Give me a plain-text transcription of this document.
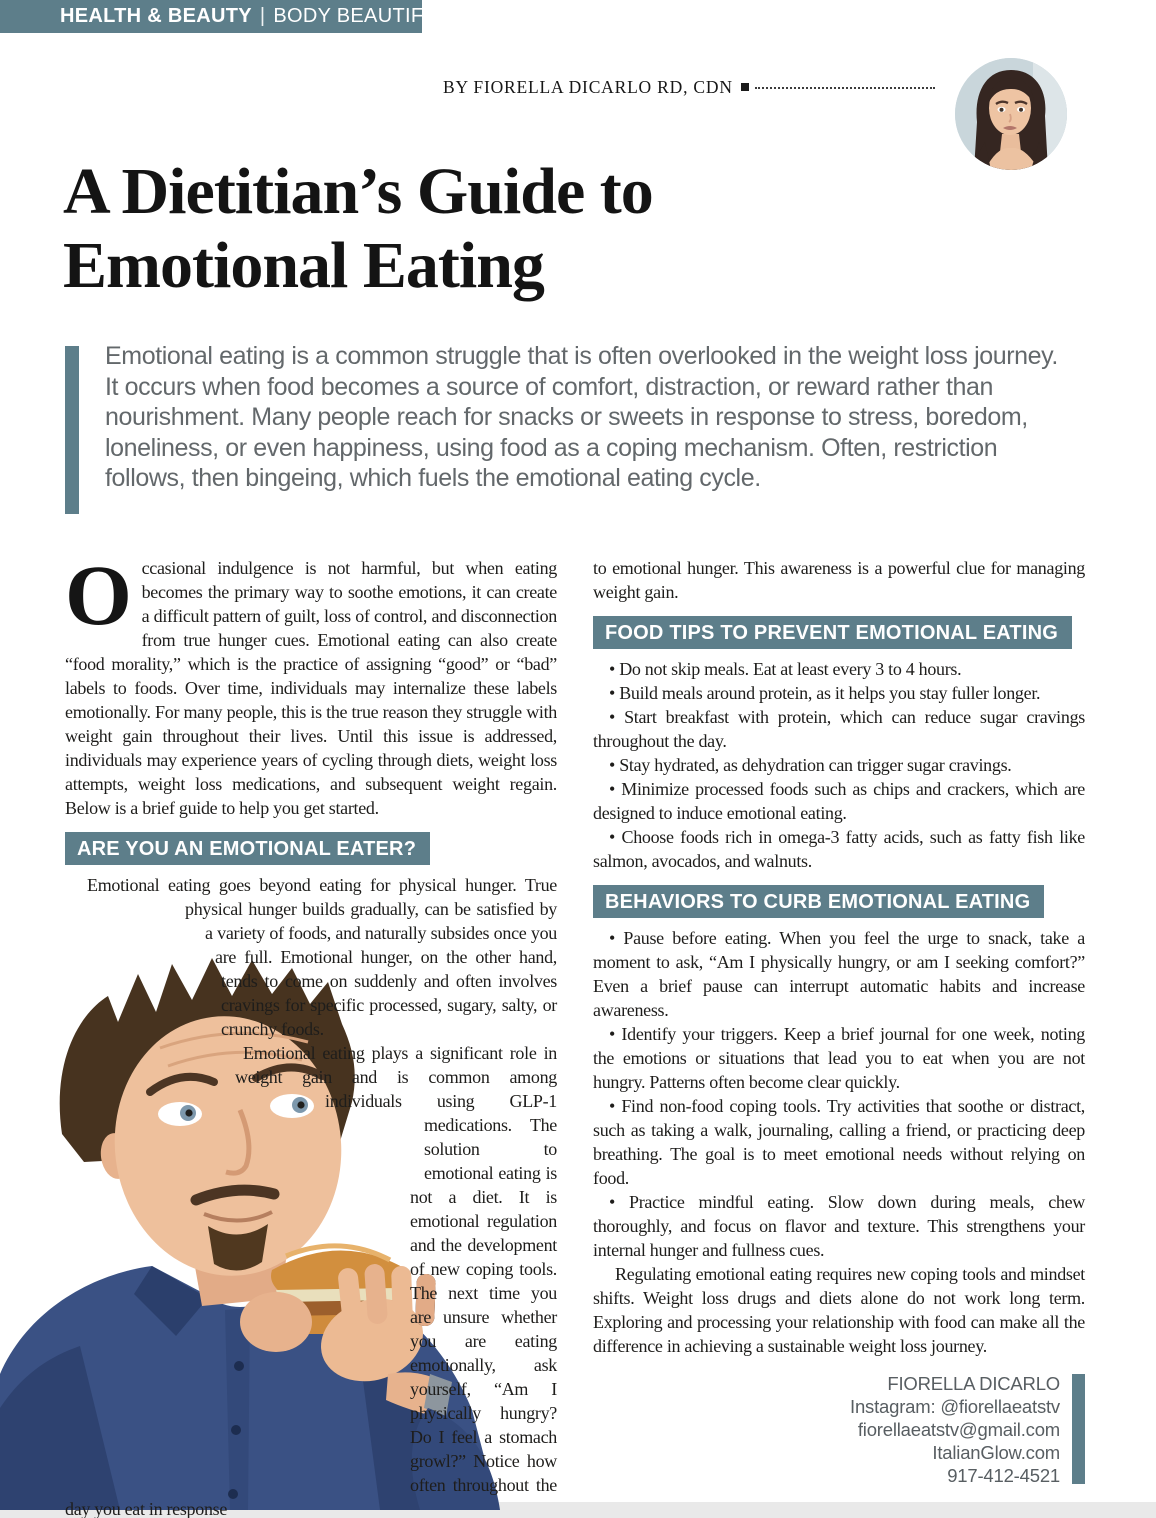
HEALTH & BEAUTY | BODY BEAUTIFUL
BY FIORELLA DICARLO RD, CDN
A Dietitian’s Guide to
Emotional Eating
Emotional eating is a common struggle that is often overlooked in the weight loss journey. It occurs when food becomes a source of comfort, distraction, or reward rather than nourishment. Many people reach for snacks or sweets in response to stress, boredom, loneliness, or even happiness, using food as a coping mechanism. Often, restriction follows, then bingeing, which fuels the emotional eating cycle.

Occasional indulgence is not harmful, but when eating becomes the primary way to soothe emotions, it can create a difficult pattern of guilt, loss of control, and disconnection from true hunger cues. Emotional eating can also create “food morality,” which is the practice of assigning “good” or “bad” labels to foods. Over time, individuals may internalize these labels emotionally. For many people, this is the true reason they struggle with weight gain throughout their lives. Until this issue is addressed, individuals may experience years of cycling through diets, weight loss attempts, weight loss medications, and subsequent weight regain. Below is a brief guide to help you get started.

ARE YOU AN EMOTIONAL EATER?

Emotional eating goes beyond eating for physical hunger. True physical hunger builds gradually, can be satisfied by a variety of foods, and naturally subsides once you are full. Emotional hunger, on the other hand, tends to come on suddenly and often involves cravings for specific processed, sugary, salty, or crunchy foods.

Emotional eating plays a significant role in weight gain and is common among individuals using GLP-1 medications. The solution to emotional eating is not a diet. It is emotional regulation and the development of new coping tools. The next time you are unsure whether you are eating emotionally, ask yourself, “Am I physically hungry? Do I feel a stomach growl?” Notice how often throughout the day you eat in response

to emotional hunger. This awareness is a powerful clue for managing weight gain.

FOOD TIPS TO PREVENT EMOTIONAL EATING

• Do not skip meals. Eat at least every 3 to 4 hours.

• Build meals around protein, as it helps you stay fuller longer.

• Start breakfast with protein, which can reduce sugar cravings throughout the day.

• Stay hydrated, as dehydration can trigger sugar cravings.

• Minimize processed foods such as chips and crackers, which are designed to induce emotional eating.

• Choose foods rich in omega-3 fatty acids, such as fatty fish like salmon, avocados, and walnuts.

BEHAVIORS TO CURB EMOTIONAL EATING

• Pause before eating. When you feel the urge to snack, take a moment to ask, “Am I physically hungry, or am I seeking comfort?” Even a brief pause can interrupt automatic habits and increase awareness.

• Identify your triggers. Keep a brief journal for one week, noting the emotions or situations that lead you to eat when you are not hungry. Patterns often become clear quickly.

• Find non-food coping tools. Try activities that soothe or distract, such as taking a walk, journaling, calling a friend, or practicing deep breathing. The goal is to meet emotional needs without relying on food.

• Practice mindful eating. Slow down during meals, chew thoroughly, and focus on flavor and texture. This strengthens your internal hunger and fullness cues.

Regulating emotional eating requires new coping tools and mindset shifts. Weight loss drugs and diets alone do not work long term. Exploring and processing your relationship with food can make all the difference in achieving a sustainable weight loss journey.

FIORELLA DICARLO
Instagram: @fiorellaeatstv
fiorellaeatstv@gmail.com
ItalianGlow.com
917-412-4521
